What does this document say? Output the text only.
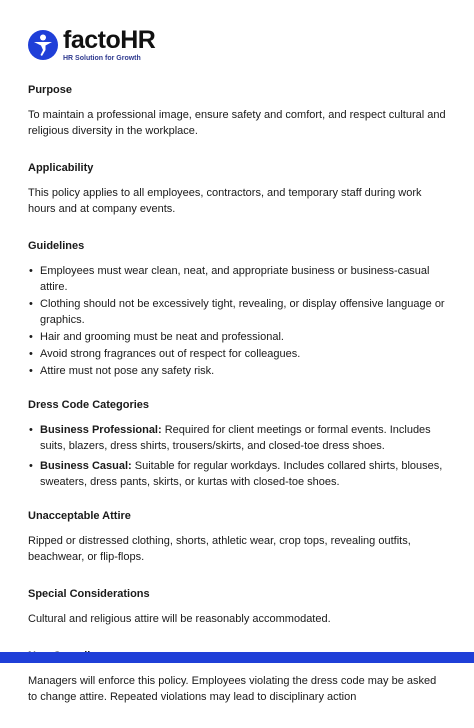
factoHR
HR Solution for Growth
Purpose

To maintain a professional image, ensure safety and comfort, and respect cultural and religious diversity in the workplace.

Applicability

This policy applies to all employees, contractors, and temporary staff during work hours and at company events.

Guidelines
• Employees must wear clean, neat, and appropriate business or business-casual attire.
• Clothing should not be excessively tight, revealing, or display offensive language or graphics.
• Hair and grooming must be neat and professional.
• Avoid strong fragrances out of respect for colleagues.
• Attire must not pose any safety risk.
Dress Code Categories
• Business Professional: Required for client meetings or formal events. Includes suits, blazers, dress shirts, trousers/skirts, and closed-toe dress shoes.
• Business Casual: Suitable for regular workdays. Includes collared shirts, blouses, sweaters, dress pants, skirts, or kurtas with closed-toe shoes.
Unacceptable Attire

Ripped or distressed clothing, shorts, athletic wear, crop tops, revealing outfits, beachwear, or flip-flops.

Special Considerations

Cultural and religious attire will be reasonably accommodated.

Managers will enforce this policy. Employees violating the dress code may be asked to change attire. Repeated violations may lead to disciplinary action
